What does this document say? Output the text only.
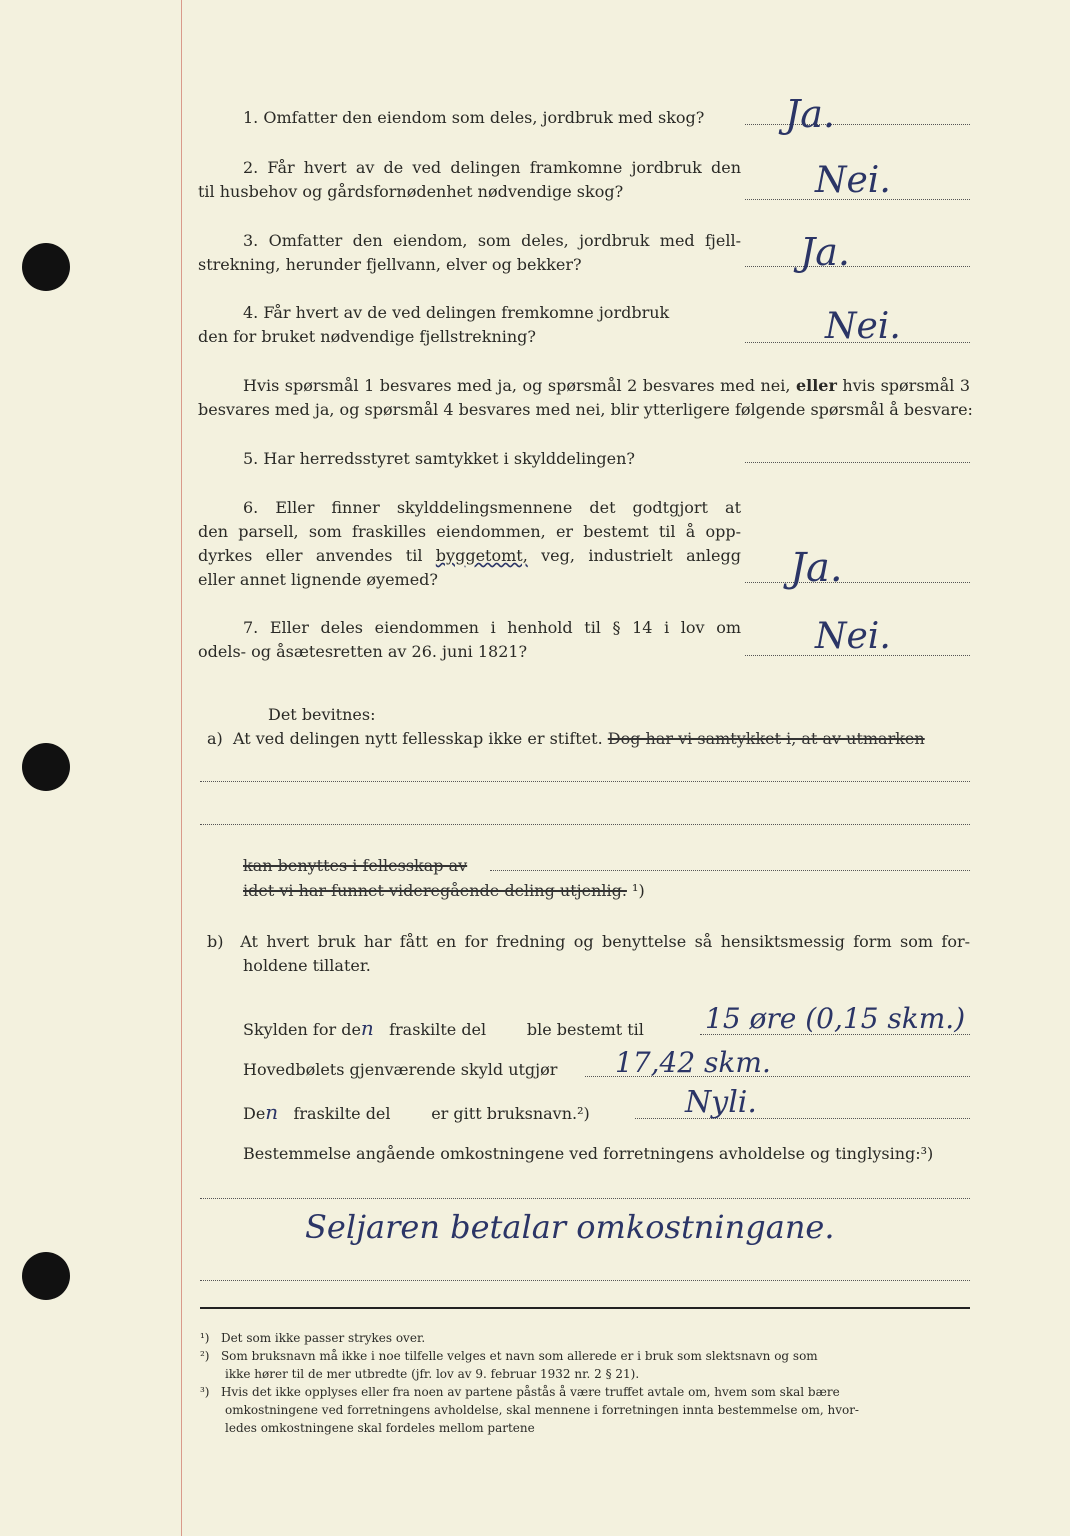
1. Omfatter den eiendom som deles, jordbruk med skog? Ja.
2. Får hvert av de ved delingen framkomne jordbruk den
til husbehov og gårdsfornødenhet nødvendige skog?	Nei.
3. Omfatter den eiendom, som deles, jordbruk med fjell-
strekning, herunder fjellvann, elver og bekker?	Ja.
4. Får hvert av de ved delingen fremkomne jordbruk
den for bruket nødvendige fjellstrekning?	Nei.
Hvis spørsmål 1 besvares med ja, og spørsmål 2 besvares med nei, eller hvis spørsmål 3
besvares med ja, og spørsmål 4 besvares med nei, blir ytterligere følgende spørsmål å besvare:
5. Har herredsstyret samtykket i skylddelingen?
6. Eller finner skylddelingsmennene det godtgjort at
den parsell, som fraskilles eiendommen, er bestemt til å opp-
dyrkes eller anvendes til byggetomt, veg, industrielt anlegg
eller annet lignende øyemed?	Ja.
7. Eller deles eiendommen i henhold til § 14 i lov om
odels- og åsætesretten av 26. juni 1821?	Nei.
Det bevitnes:
a) At ved delingen nytt fellesskap ikke er stiftet. Dog har vi samtykket i, at av utmarken
kan benyttes i fellesskap av
idet vi har funnet videregående deling utjenlig. ¹)
b) At hvert bruk har fått en for fredning og benyttelse så hensiktsmessig form som for-
holdene tillater.
Skylden for den fraskilte del	ble bestemt til 15 øre (0,15 skm.)
Hovedbølets gjenværende skyld utgjør 17,42 skm.
Den fraskilte del	er gitt bruksnavn.²)	Nyli.
Bestemmelse angående omkostningene ved forretningens avholdelse og tinglysing:³)
Seljaren betalar omkostningane.
¹) Det som ikke passer strykes over.
²) Som bruksnavn må ikke i noe tilfelle velges et navn som allerede er i bruk som slektsnavn og som
ikke hører til de mer utbredte (jfr. lov av 9. februar 1932 nr. 2 § 21).
³) Hvis det ikke opplyses eller fra noen av partene påstås å være truffet avtale om, hvem som skal bære
omkostningene ved forretningens avholdelse, skal mennene i forretningen innta bestemmelse om, hvor-
ledes omkostningene skal fordeles mellom partene
